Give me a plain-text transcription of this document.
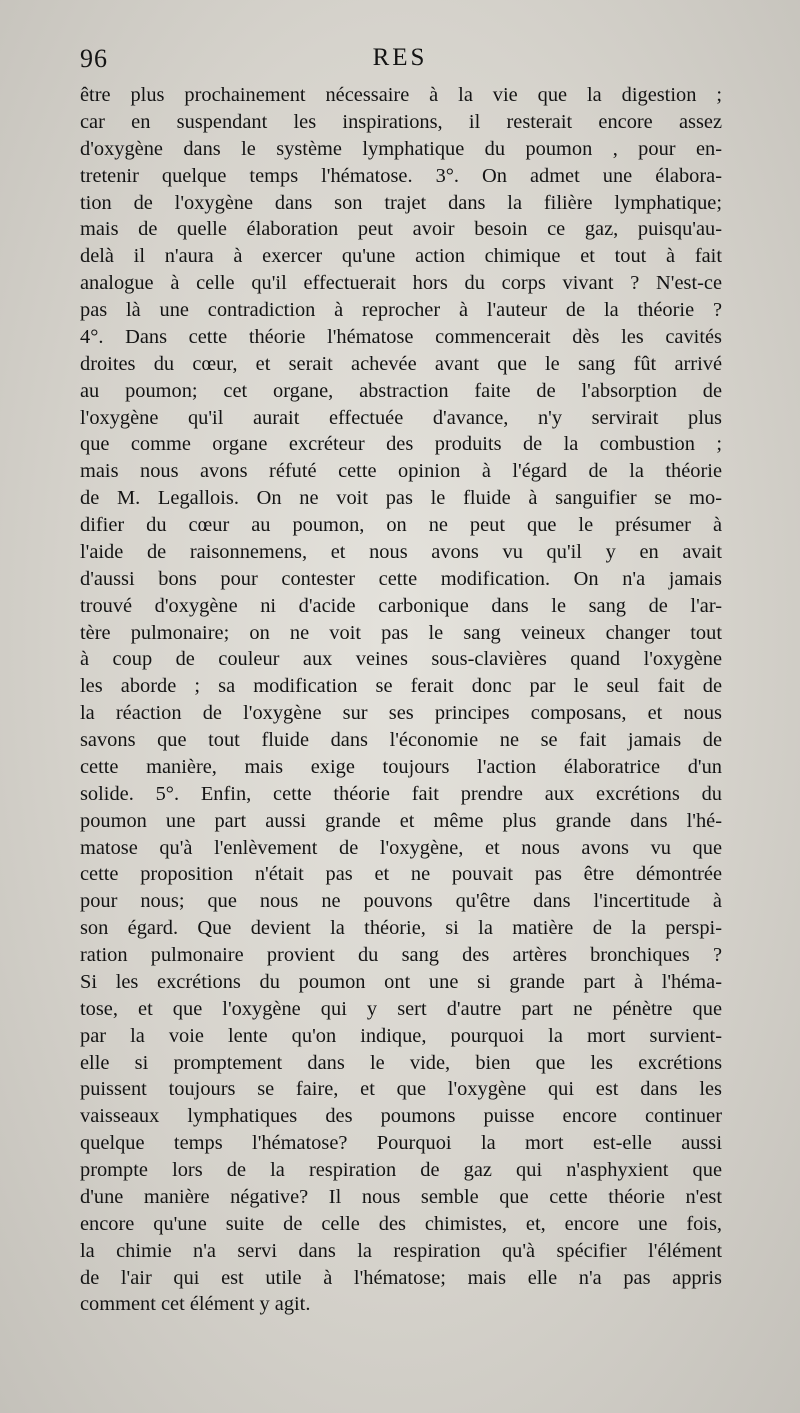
96	RES
être plus prochainement nécessaire à la vie que la digestion ;
car en suspendant les inspirations, il resterait encore assez
d'oxygène dans le système lymphatique du poumon , pour en-
tretenir quelque temps l'hématose. 3°. On admet une élabora-
tion de l'oxygène dans son trajet dans la filière lymphatique;
mais de quelle élaboration peut avoir besoin ce gaz, puisqu'au-
delà il n'aura à exercer qu'une action chimique et tout à fait
analogue à celle qu'il effectuerait hors du corps vivant ? N'est-ce
pas là une contradiction à reprocher à l'auteur de la théorie ?
4°. Dans cette théorie l'hématose commencerait dès les cavités
droites du cœur, et serait achevée avant que le sang fût arrivé
au poumon; cet organe, abstraction faite de l'absorption de
l'oxygène qu'il aurait effectuée d'avance, n'y servirait plus
que comme organe excréteur des produits de la combustion ;
mais nous avons réfuté cette opinion à l'égard de la théorie
de M. Legallois. On ne voit pas le fluide à sanguifier se mo-
difier du cœur au poumon, on ne peut que le présumer à
l'aide de raisonnemens, et nous avons vu qu'il y en avait
d'aussi bons pour contester cette modification. On n'a jamais
trouvé d'oxygène ni d'acide carbonique dans le sang de l'ar-
tère pulmonaire; on ne voit pas le sang veineux changer tout
à coup de couleur aux veines sous-clavières quand l'oxygène
les aborde ; sa modification se ferait donc par le seul fait de
la réaction de l'oxygène sur ses principes composans, et nous
savons que tout fluide dans l'économie ne se fait jamais de
cette manière, mais exige toujours l'action élaboratrice d'un
solide. 5°. Enfin, cette théorie fait prendre aux excrétions du
poumon une part aussi grande et même plus grande dans l'hé-
matose qu'à l'enlèvement de l'oxygène, et nous avons vu que
cette proposition n'était pas et ne pouvait pas être démontrée
pour nous; que nous ne pouvons qu'être dans l'incertitude à
son égard. Que devient la théorie, si la matière de la perspi-
ration pulmonaire provient du sang des artères bronchiques ?
Si les excrétions du poumon ont une si grande part à l'héma-
tose, et que l'oxygène qui y sert d'autre part ne pénètre que
par la voie lente qu'on indique, pourquoi la mort survient-
elle si promptement dans le vide, bien que les excrétions
puissent toujours se faire, et que l'oxygène qui est dans les
vaisseaux lymphatiques des poumons puisse encore continuer
quelque temps l'hématose? Pourquoi la mort est-elle aussi
prompte lors de la respiration de gaz qui n'asphyxient que
d'une manière négative? Il nous semble que cette théorie n'est
encore qu'une suite de celle des chimistes, et, encore une fois,
la chimie n'a servi dans la respiration qu'à spécifier l'élément
de l'air qui est utile à l'hématose; mais elle n'a pas appris
comment cet élément y agit.
